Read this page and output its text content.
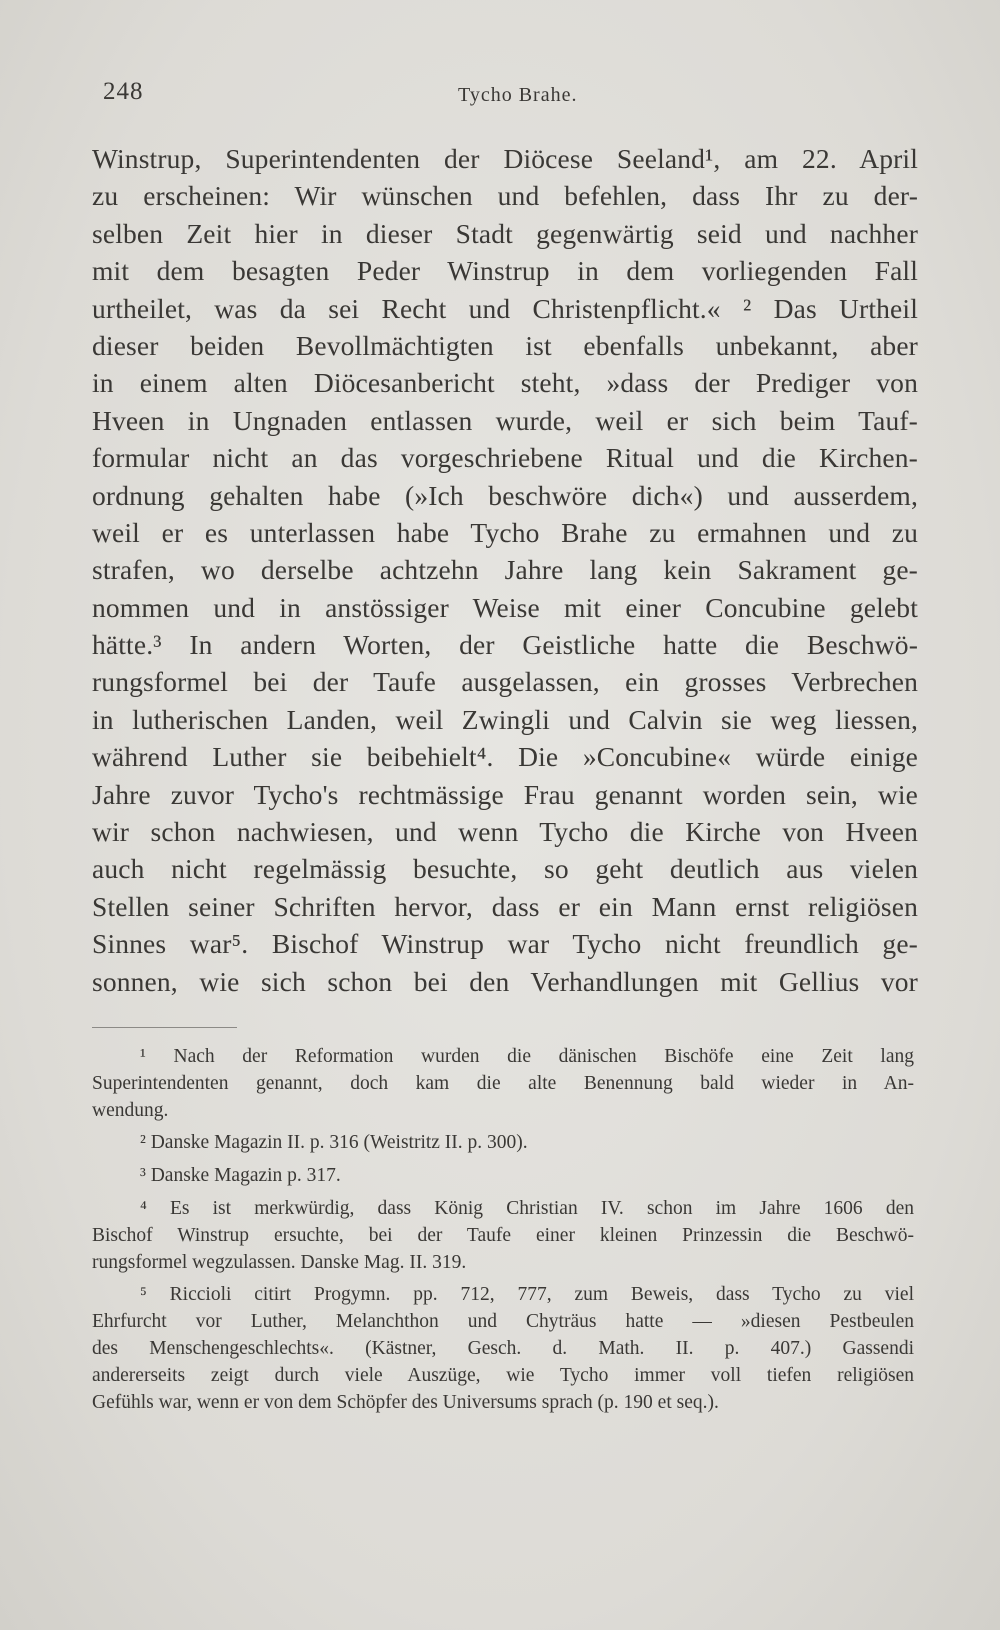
248	Tycho Brahe.
Winstrup, Superintendenten der Diöcese Seeland¹, am 22. April
zu erscheinen: Wir wünschen und befehlen, dass Ihr zu der-
selben Zeit hier in dieser Stadt gegenwärtig seid und nachher
mit dem besagten Peder Winstrup in dem vorliegenden Fall
urtheilet, was da sei Recht und Christenpflicht.« ² Das Urtheil
dieser beiden Bevollmächtigten ist ebenfalls unbekannt, aber
in einem alten Diöcesanbericht steht, »dass der Prediger von
Hveen in Ungnaden entlassen wurde, weil er sich beim Tauf-
formular nicht an das vorgeschriebene Ritual und die Kirchen-
ordnung gehalten habe (»Ich beschwöre dich«) und ausserdem,
weil er es unterlassen habe Tycho Brahe zu ermahnen und zu
strafen, wo derselbe achtzehn Jahre lang kein Sakrament ge-
nommen und in anstössiger Weise mit einer Concubine gelebt
hätte.³ In andern Worten, der Geistliche hatte die Beschwö-
rungsformel bei der Taufe ausgelassen, ein grosses Verbrechen
in lutherischen Landen, weil Zwingli und Calvin sie weg liessen,
während Luther sie beibehielt⁴. Die »Concubine« würde einige
Jahre zuvor Tycho's rechtmässige Frau genannt worden sein, wie
wir schon nachwiesen, und wenn Tycho die Kirche von Hveen
auch nicht regelmässig besuchte, so geht deutlich aus vielen
Stellen seiner Schriften hervor, dass er ein Mann ernst religiösen
Sinnes war⁵. Bischof Winstrup war Tycho nicht freundlich ge-
sonnen, wie sich schon bei den Verhandlungen mit Gellius vor
¹ Nach der Reformation wurden die dänischen Bischöfe eine Zeit lang
Superintendenten genannt, doch kam die alte Benennung bald wieder in An-
wendung.
² Danske Magazin II. p. 316 (Weistritz II. p. 300).
³ Danske Magazin p. 317.
⁴ Es ist merkwürdig, dass König Christian IV. schon im Jahre 1606 den
Bischof Winstrup ersuchte, bei der Taufe einer kleinen Prinzessin die Beschwö-
rungsformel wegzulassen. Danske Mag. II. 319.
⁵ Riccioli citirt Progymn. pp. 712, 777, zum Beweis, dass Tycho zu viel
Ehrfurcht vor Luther, Melanchthon und Chyträus hatte — »diesen Pestbeulen
des Menschengeschlechts«. (Kästner, Gesch. d. Math. II. p. 407.) Gassendi
andererseits zeigt durch viele Auszüge, wie Tycho immer voll tiefen religiösen
Gefühls war, wenn er von dem Schöpfer des Universums sprach (p. 190 et seq.).
